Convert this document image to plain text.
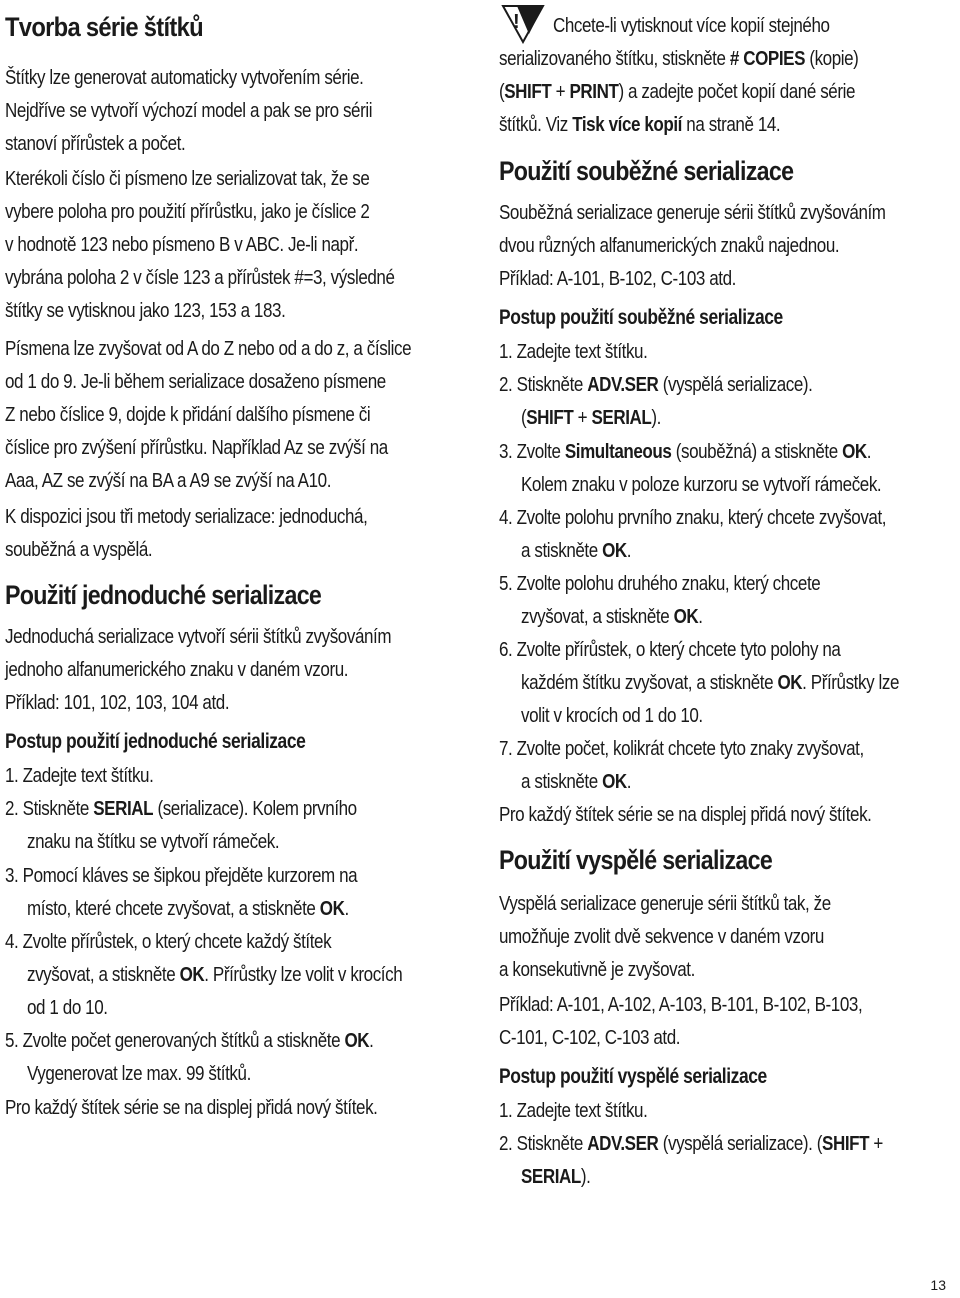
Tvorba série štítků
Štítky lze generovat automaticky vytvořením série.
Nejdříve se vytvoří výchozí model a pak se pro sérii
stanoví přírůstek a počet.
Kterékoli číslo či písmeno lze serializovat tak, že se
vybere poloha pro použití přírůstku, jako je číslice 2
v hodnotě 123 nebo písmeno B v ABC. Je-li např.
vybrána poloha 2 v čísle 123 a přírůstek #=3, výsledné
štítky se vytisknou jako 123, 153 a 183.
Písmena lze zvyšovat od A do Z nebo od a do z, a číslice
od 1 do 9. Je-li během serializace dosaženo písmene
Z nebo číslice 9, dojde k přidání dalšího písmene či
číslice pro zvýšení přírůstku. Například Az se zvýší na
Aaa, AZ se zvýší na BA a A9 se zvýší na A10.
K dispozici jsou tři metody serializace: jednoduchá,
souběžná a vyspělá.
Použití jednoduché serializace
Jednoduchá serializace vytvoří sérii štítků zvyšováním
jednoho alfanumerického znaku v daném vzoru.
Příklad: 101, 102, 103, 104 atd.
Postup použití jednoduché serializace
1. Zadejte text štítku.
2. Stiskněte SERIAL (serializace). Kolem prvního
znaku na štítku se vytvoří rámeček.
3. Pomocí kláves se šipkou přejděte kurzorem na
místo, které chcete zvyšovat, a stiskněte OK.
4. Zvolte přírůstek, o který chcete každý štítek
zvyšovat, a stiskněte OK. Přírůstky lze volit v krocích
od 1 do 10.
5. Zvolte počet generovaných štítků a stiskněte OK.
Vygenerovat lze max. 99 štítků.
Pro každý štítek série se na displej přidá nový štítek.
! Chcete-li vytisknout více kopií stejného
serializovaného štítku, stiskněte # COPIES (kopie)
(SHIFT + PRINT) a zadejte počet kopií dané série
štítků. Viz Tisk více kopií na straně 14.
Použití souběžné serializace
Souběžná serializace generuje sérii štítků zvyšováním
dvou různých alfanumerických znaků najednou.
Příklad: A-101, B-102, C-103 atd.
Postup použití souběžné serializace
1. Zadejte text štítku.
2. Stiskněte ADV.SER (vyspělá serializace).
(SHIFT + SERIAL).
3. Zvolte Simultaneous (souběžná) a stiskněte OK.
Kolem znaku v poloze kurzoru se vytvoří rámeček.
4. Zvolte polohu prvního znaku, který chcete zvyšovat,
a stiskněte OK.
5. Zvolte polohu druhého znaku, který chcete
zvyšovat, a stiskněte OK.
6. Zvolte přírůstek, o který chcete tyto polohy na
každém štítku zvyšovat, a stiskněte OK. Přírůstky lze
volit v krocích od 1 do 10.
7. Zvolte počet, kolikrát chcete tyto znaky zvyšovat,
a stiskněte OK.
Pro každý štítek série se na displej přidá nový štítek.
Použití vyspělé serializace
Vyspělá serializace generuje sérii štítků tak, že
umožňuje zvolit dvě sekvence v daném vzoru
a konsekutivně je zvyšovat.
Příklad: A-101, A-102, A-103, B-101, B-102, B-103,
C-101, C-102, C-103 atd.
Postup použití vyspělé serializace
1. Zadejte text štítku.
2. Stiskněte ADV.SER (vyspělá serializace). (SHIFT +
SERIAL).
13
